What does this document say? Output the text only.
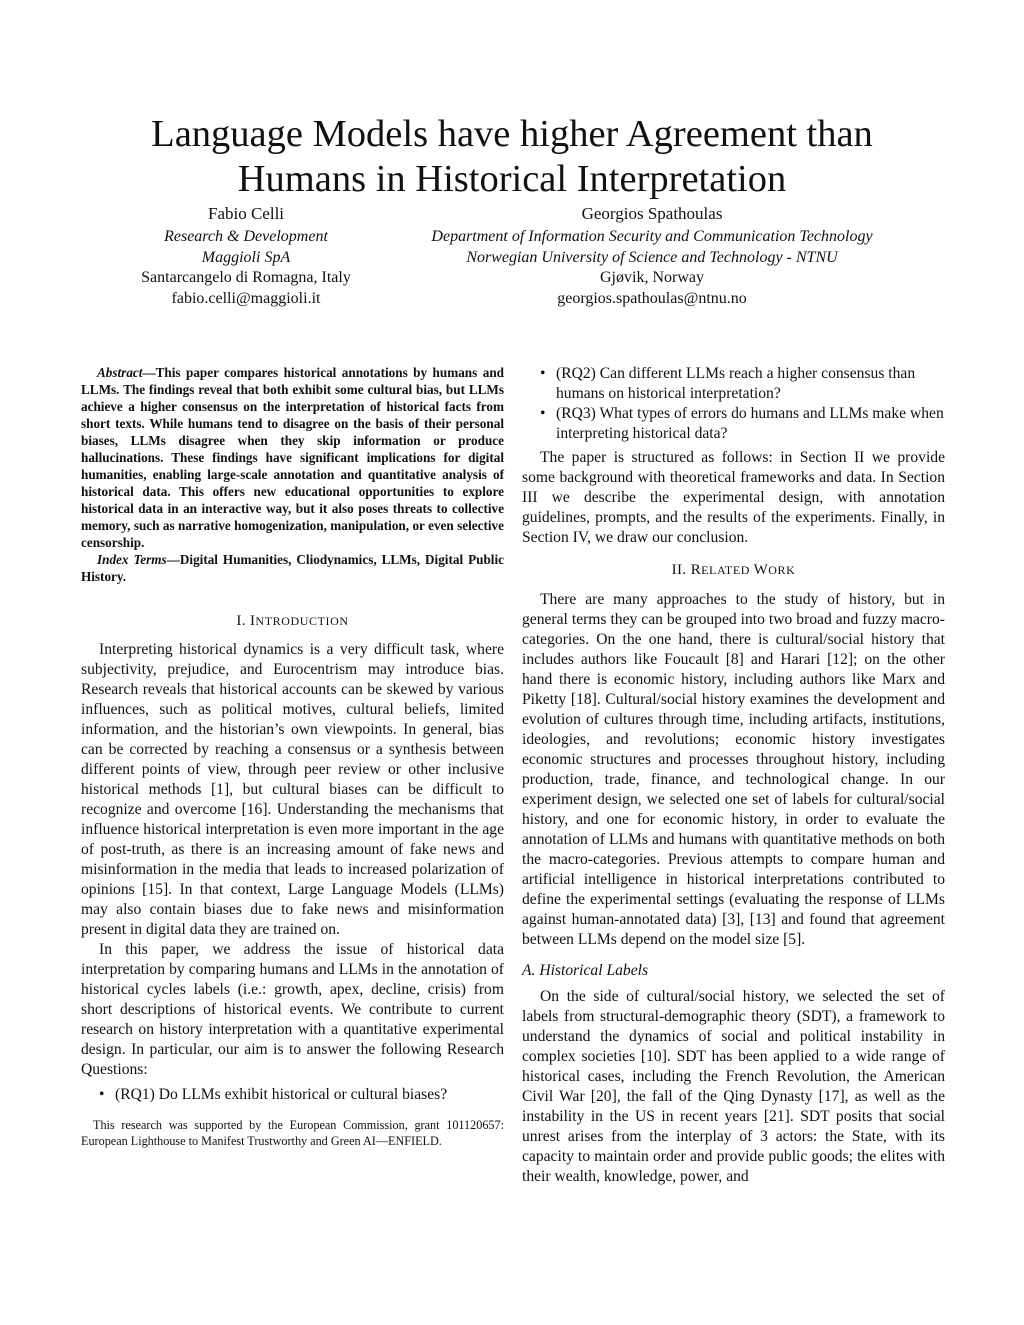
Language Models have higher Agreement than
Humans in Historical Interpretation
Fabio Celli
Research & Development
Maggioli SpA
Santarcangelo di Romagna, Italy
fabio.celli@maggioli.it
Georgios Spathoulas
Department of Information Security and Communication Technology
Norwegian University of Science and Technology - NTNU
Gjøvik, Norway
georgios.spathoulas@ntnu.no

Abstract—This paper compares historical annotations by humans and LLMs. The findings reveal that both exhibit some cultural bias, but LLMs achieve a higher consensus on the interpretation of historical facts from short texts. While humans tend to disagree on the basis of their personal biases, LLMs disagree when they skip information or produce hallucinations. These findings have significant implications for digital humanities, enabling large-scale annotation and quantitative analysis of historical data. This offers new educational opportunities to explore historical data in an interactive way, but it also poses threats to collective memory, such as narrative homogenization, manipulation, or even selective censorship.

Index Terms—Digital Humanities, Cliodynamics, LLMs, Digital Public History.

I. INTRODUCTION

Interpreting historical dynamics is a very difficult task, where subjectivity, prejudice, and Eurocentrism may introduce bias. Research reveals that historical accounts can be skewed by various influences, such as political motives, cultural beliefs, limited information, and the historian’s own viewpoints. In general, bias can be corrected by reaching a consensus or a synthesis between different points of view, through peer review or other inclusive historical methods [1], but cultural biases can be difficult to recognize and overcome [16]. Understanding the mechanisms that influence historical interpretation is even more important in the age of post-truth, as there is an increasing amount of fake news and misinformation in the media that leads to increased polarization of opinions [15]. In that context, Large Language Models (LLMs) may also contain biases due to fake news and misinformation present in digital data they are trained on.

In this paper, we address the issue of historical data interpretation by comparing humans and LLMs in the annotation of historical cycles labels (i.e.: growth, apex, decline, crisis) from short descriptions of historical events. We contribute to current research on history interpretation with a quantitative experimental design. In particular, our aim is to answer the following Research Questions:

• (RQ1) Do LLMs exhibit historical or cultural biases?

This research was supported by the European Commission, grant 101120657: European Lighthouse to Manifest Trustworthy and Green AI—ENFIELD.

• (RQ2) Can different LLMs reach a higher consensus than humans on historical interpretation?
• (RQ3) What types of errors do humans and LLMs make when interpreting historical data?

The paper is structured as follows: in Section II we provide some background with theoretical frameworks and data. In Section III we describe the experimental design, with annotation guidelines, prompts, and the results of the experiments. Finally, in Section IV, we draw our conclusion.

II. RELATED WORK

There are many approaches to the study of history, but in general terms they can be grouped into two broad and fuzzy macro-categories. On the one hand, there is cultural/social history that includes authors like Foucault [8] and Harari [12]; on the other hand there is economic history, including authors like Marx and Piketty [18]. Cultural/social history examines the development and evolution of cultures through time, including artifacts, institutions, ideologies, and revolutions; economic history investigates economic structures and processes throughout history, including production, trade, finance, and technological change. In our experiment design, we selected one set of labels for cultural/social history, and one for economic history, in order to evaluate the annotation of LLMs and humans with quantitative methods on both the macro-categories. Previous attempts to compare human and artificial intelligence in historical interpretations contributed to define the experimental settings (evaluating the response of LLMs against human-annotated data) [3], [13] and found that agreement between LLMs depend on the model size [5].

A. Historical Labels

On the side of cultural/social history, we selected the set of labels from structural-demographic theory (SDT), a framework to understand the dynamics of social and political instability in complex societies [10]. SDT has been applied to a wide range of historical cases, including the French Revolution, the American Civil War [20], the fall of the Qing Dynasty [17], as well as the instability in the US in recent years [21]. SDT posits that social unrest arises from the interplay of 3 actors: the State, with its capacity to maintain order and provide public goods; the elites with their wealth, knowledge, power, and
